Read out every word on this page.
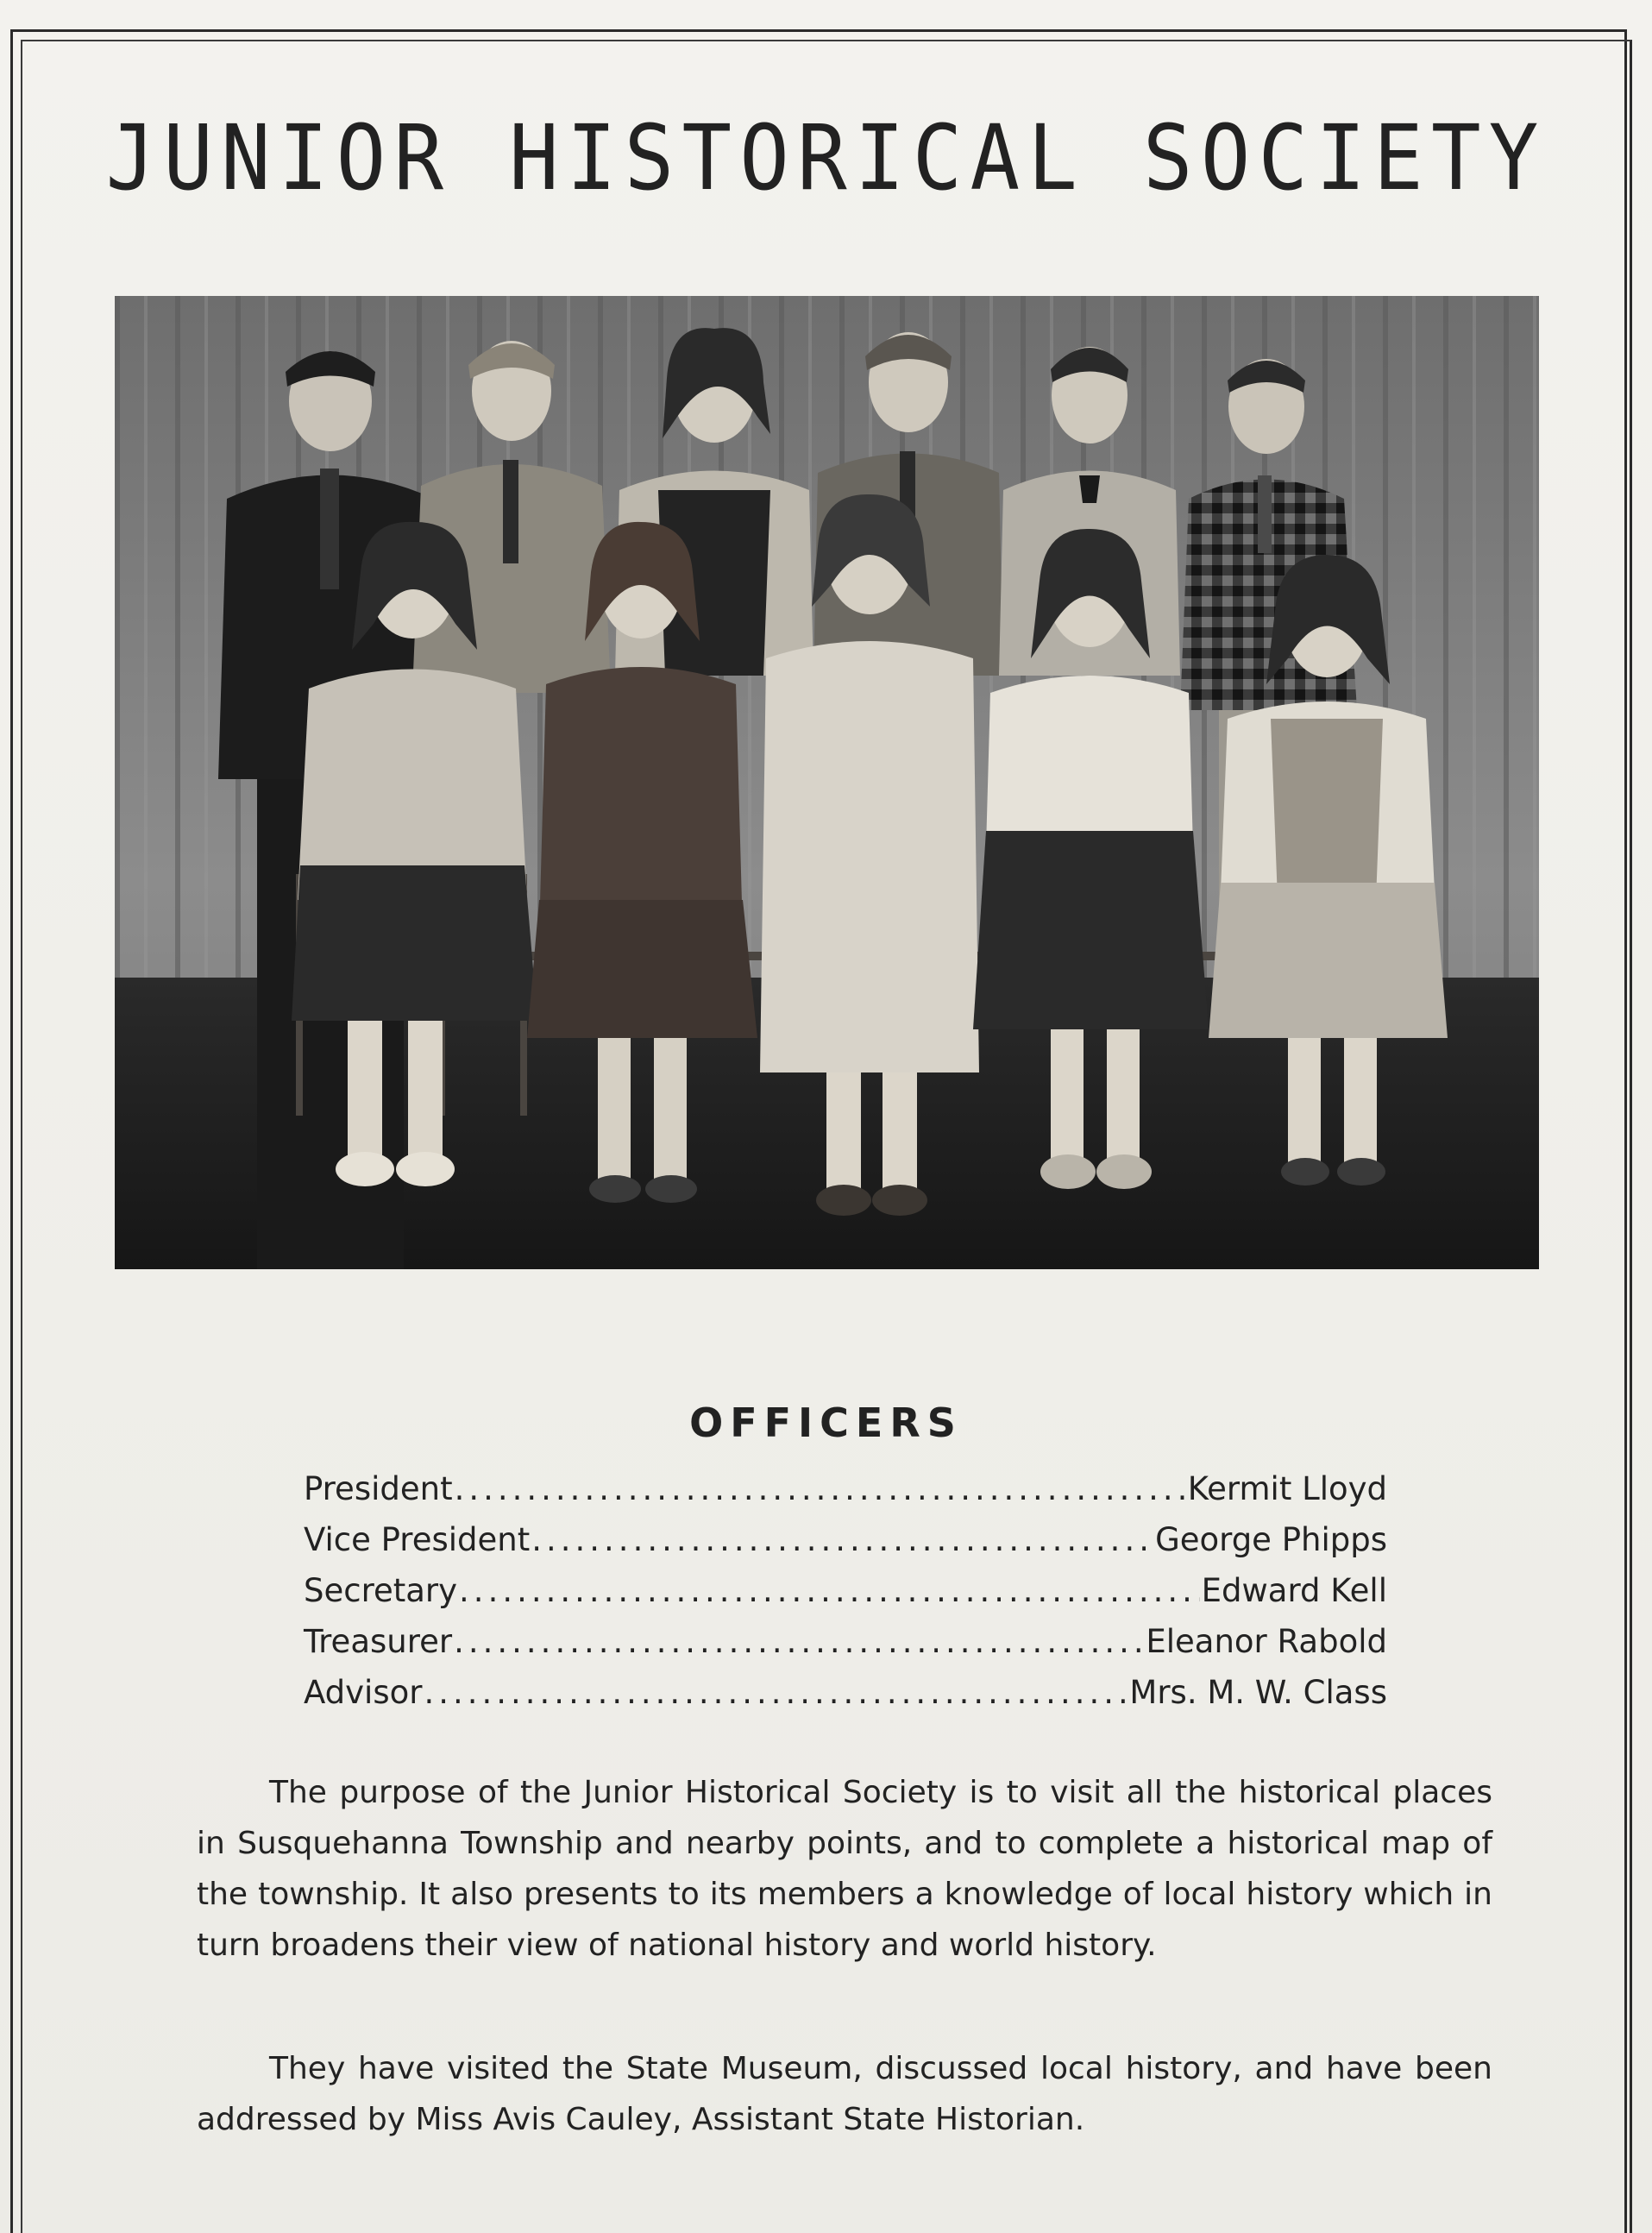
JUNIOR HISTORICAL SOCIETY
OFFICERS
President .....	Kermit Lloyd
Vice President .....	George Phipps
Secretary .....	Edward Kell
Treasurer .....	Eleanor Rabold
Advisor .....	Mrs. M. W. Class

The purpose of the Junior Historical Society is to visit all the historical places in Susquehanna Township and nearby points, and to complete a historical map of the township. It also presents to its members a knowledge of local history which in turn broadens their view of national history and world history.

They have visited the State Museum, discussed local history, and have been addressed by Miss Avis Cauley, Assistant State Historian.
